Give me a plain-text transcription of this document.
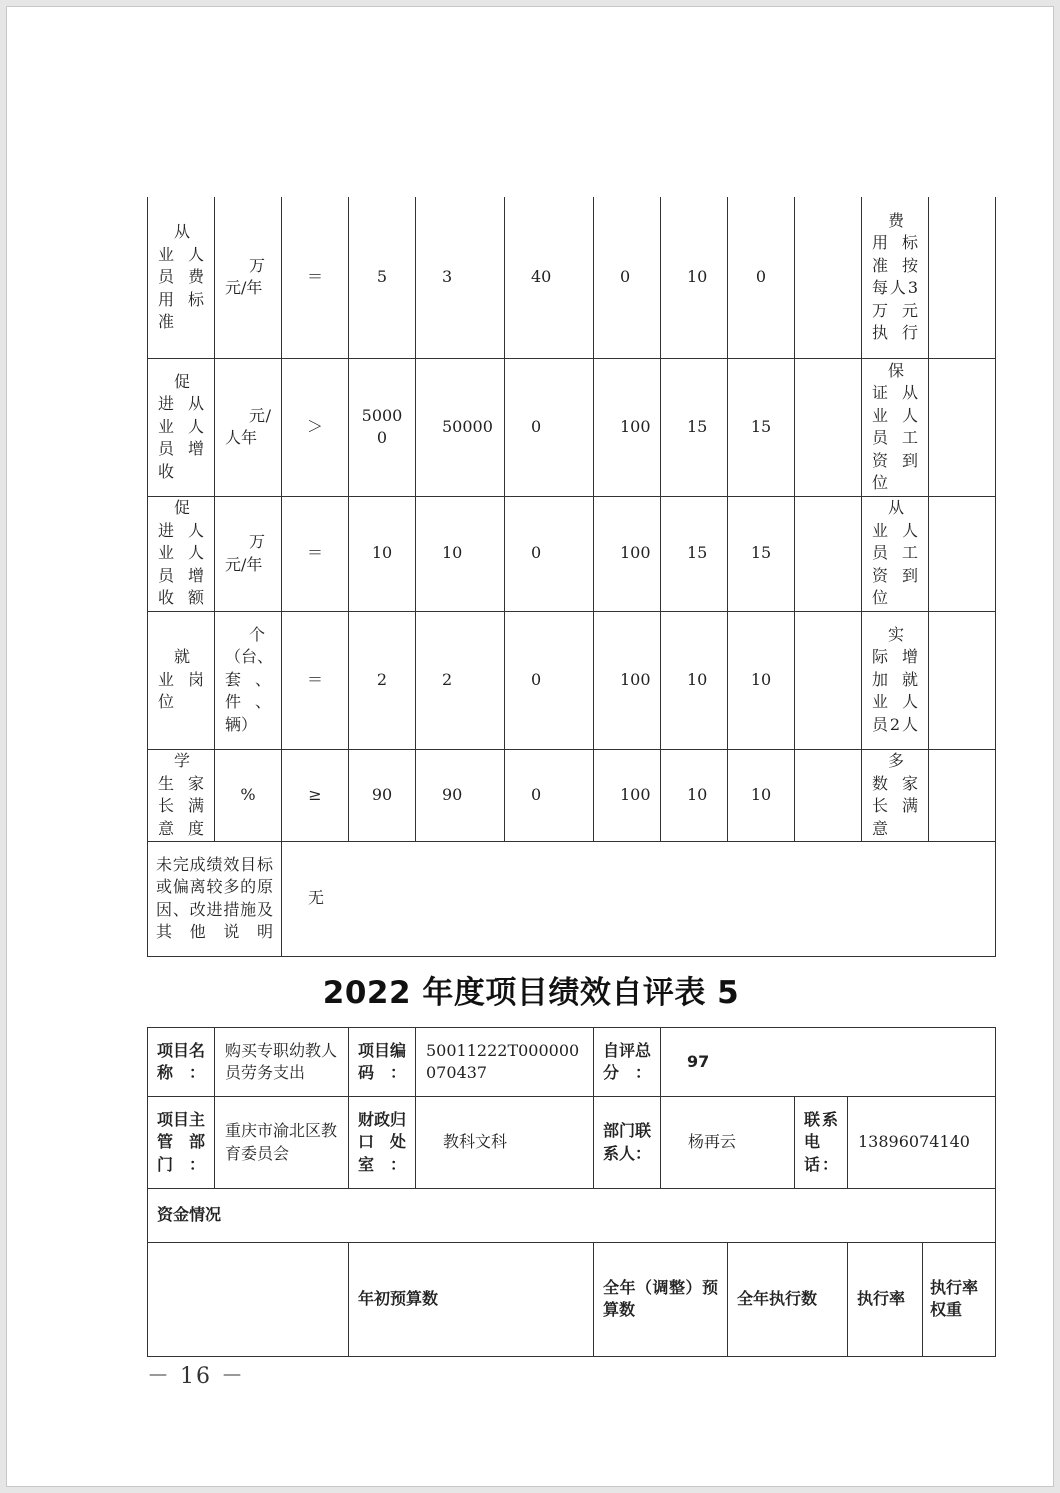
从业人员费用标准	万元/年	＝	5	3	40	0	10	0		费用标准按每人3万元执行	
促进从业人员增收	元/人年	＞	50000	50000	0	100	15	15		保证从业人员工资到位	
促进人业人员增收额	万元/年	＝	10	10	0	100	15	15		从业人员工资到位	
就业岗位	个（台、套、件、辆）	＝	2	2	0	100	10	10		实际增加就业人员2人	
学生家长满意度	%	≥	90	90	0	100	10	10		多数家长满意	
未完成绩效目标或偏离较多的原因、改进措施及其他说明		无									
2022 年度项目绩效自评表 5
项目名称：	购买专职幼教人员劳务支出	项目编码：	50011222T000000070437	自评总分：	97					
项目主管部门：	重庆市渝北区教育委员会	财政归口处室：	教科文科	部门联系人：	杨再云		联系电话：	13896074140		
资金情况										
		年初预算数		全年（调整）预算数		全年执行数		执行率	执行率权重	
－ 16 －
